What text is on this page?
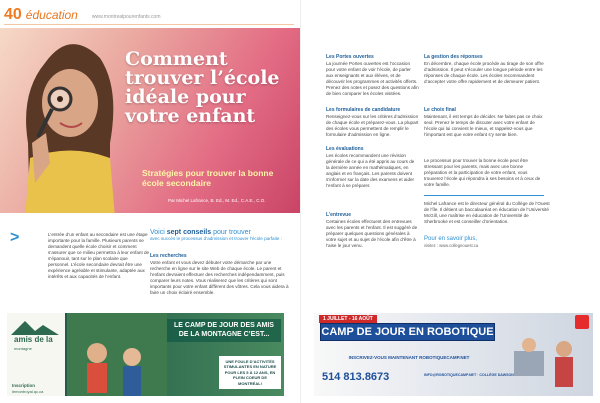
40 éducation	www.montrealpourenfants.com
Comment trouver l’école idéale pour votre enfant
Stratégies pour trouver la bonne école secondaire
Par Michel Lafrance, B. Ed., M. Ed., C.A.E., C.O.
>	L’entrée d’un enfant au secondaire est une étape importante pour la famille. Plusieurs parents se demandent quelle école choisir et comment s’assurer que ce milieu permettra à leur enfant de s’épanouir, tant sur le plan scolaire que personnel. L’école secondaire devrait être une expérience agréable et stimulante, adaptée aux intérêts et aux capacités de l’enfant.
Voici sept conseils pour trouver
avec succès le processus d’admission et trouver l’école parfaite :
Les recherches
Votre enfant et vous devez débuter votre démarche par une recherche en ligne sur le site Web de chaque école. Le parent et l’enfant devraient effectuer des recherches indépendamment, puis comparer leurs notes. Vous réaliserez que les critères qui sont importants pour votre enfant diffèrent des vôtres. Cela vous aidera à faire un choix éclairé ensemble.
amis de la
montagne
Inscription
lemontroyal.qc.ca
LE CAMP DE JOUR DES AMIS DE LA MONTAGNE C’EST...
UNE FOULE D’ACTIVITÉS STIMULANTES EN NATURE POUR LES 5 À 12 ANS, EN PLEIN COEUR DE MONTRÉAL!
Les Portes ouvertes
La journée Portes ouvertes est l’occasion pour votre enfant de voir l’école, de parler aux enseignants et aux élèves, et de découvrir les programmes et activités offerts. Prenez des notes et posez des questions afin de bien comparer les écoles visitées.
Les formulaires de candidature
Renseignez-vous sur les critères d’admission de chaque école et préparez-vous. La plupart des écoles vous permettent de remplir le formulaire d’admission en ligne.
Les évaluations
Les écoles recommandent une révision générale de ce qui a été appris au cours de la dernière année en mathématiques, en anglais et en français. Les parents doivent s’informer sur la date des examens et aider l’enfant à se préparer.
L’entrevue
Certaines écoles effectuent des entrevues avec les parents et l’enfant. Il est suggéré de préparer quelques questions générales à votre sujet et au sujet de l’école afin d’être à l’aise le jour venu.
La gestion des réponses
En décembre, chaque école procède au tirage de son offre d’admission. Il peut s’écouler une longue période entre les réponses de chaque école. Les écoles recommandent d’accepter votre offre rapidement et de demeurer patient.
Le choix final
Maintenant, il est temps de décider. Ne faites pas ce choix seul. Prenez le temps de discuter avec votre enfant de l’école qui lui convient le mieux, et rappelez-vous que l’important est que votre enfant s’y sente bien.
Le processus pour trouver la bonne école peut être stressant pour les parents, mais avec une bonne préparation et la participation de votre enfant, vous trouverez l’école qui répondra à ses besoins et à ceux de votre famille.
Michel Lafrance est le directeur général du Collège de l’Ouest de l’Île. Il détient un baccalauréat en éducation de l’Université McGill, une maîtrise en éducation de l’Université de Sherbrooke et est conseiller d’orientation.
Pour en savoir plus,
visitez : www.collegeouest.ca
1 JUILLET - 16 AOÛT
CAMP DE JOUR EN ROBOTIQUE
INSCRIVEZ-VOUS MAINTENANT ROBOTIQUECAMP.NET
514 813.8673	INFO@ROBOTIQUECAMP.NET · COLLÈGE DAWSON
